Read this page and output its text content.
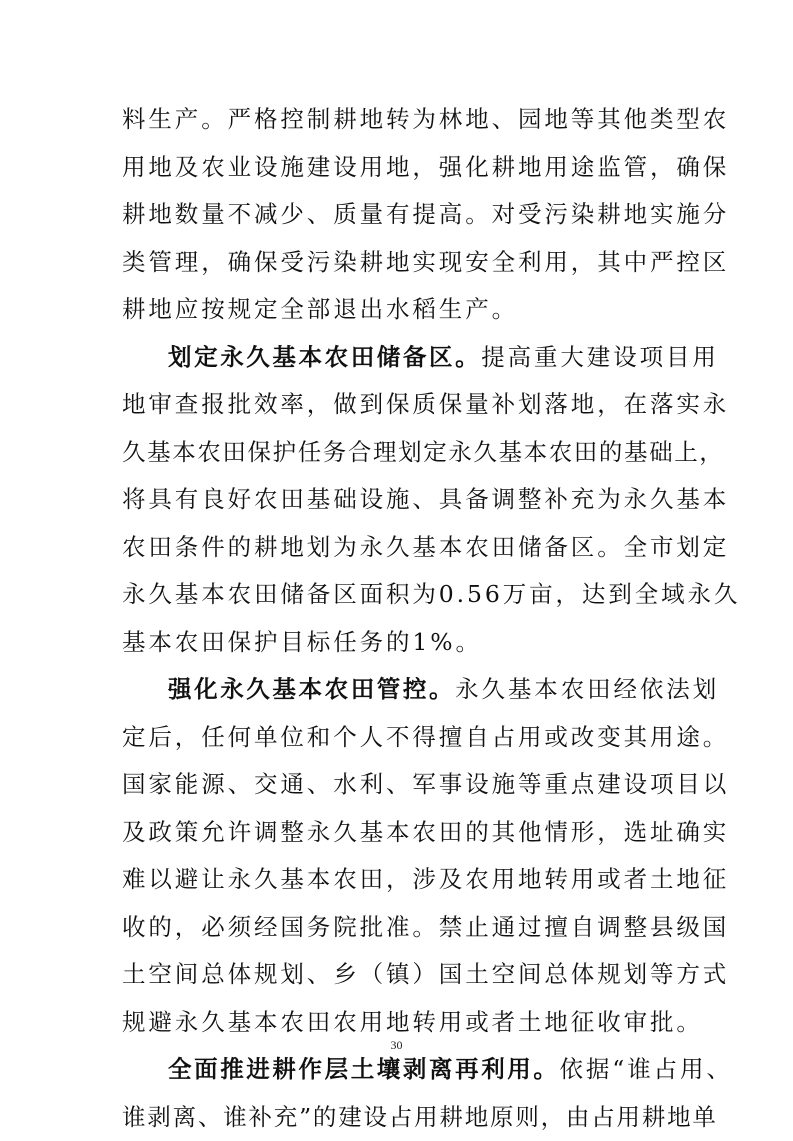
料生产。严格控制耕地转为林地、园地等其他类型农
用地及农业设施建设用地，强化耕地用途监管，确保
耕地数量不减少、质量有提高。对受污染耕地实施分
类管理，确保受污染耕地实现安全利用，其中严控区
耕地应按规定全部退出水稻生产。
划定永久基本农田储备区。提高重大建设项目用
地审查报批效率，做到保质保量补划落地，在落实永
久基本农田保护任务合理划定永久基本农田的基础上，
将具有良好农田基础设施、具备调整补充为永久基本
农田条件的耕地划为永久基本农田储备区。全市划定
永久基本农田储备区面积为0.56万亩，达到全域永久
基本农田保护目标任务的1%。
强化永久基本农田管控。永久基本农田经依法划
定后，任何单位和个人不得擅自占用或改变其用途。
国家能源、交通、水利、军事设施等重点建设项目以
及政策允许调整永久基本农田的其他情形，选址确实
难以避让永久基本农田，涉及农用地转用或者土地征
收的，必须经国务院批准。禁止通过擅自调整县级国
土空间总体规划、乡（镇）国土空间总体规划等方式
规避永久基本农田农用地转用或者土地征收审批。
全面推进耕作层土壤剥离再利用。依据“谁占用、
谁剥离、谁补充”的建设占用耕地原则，由占用耕地单
30
